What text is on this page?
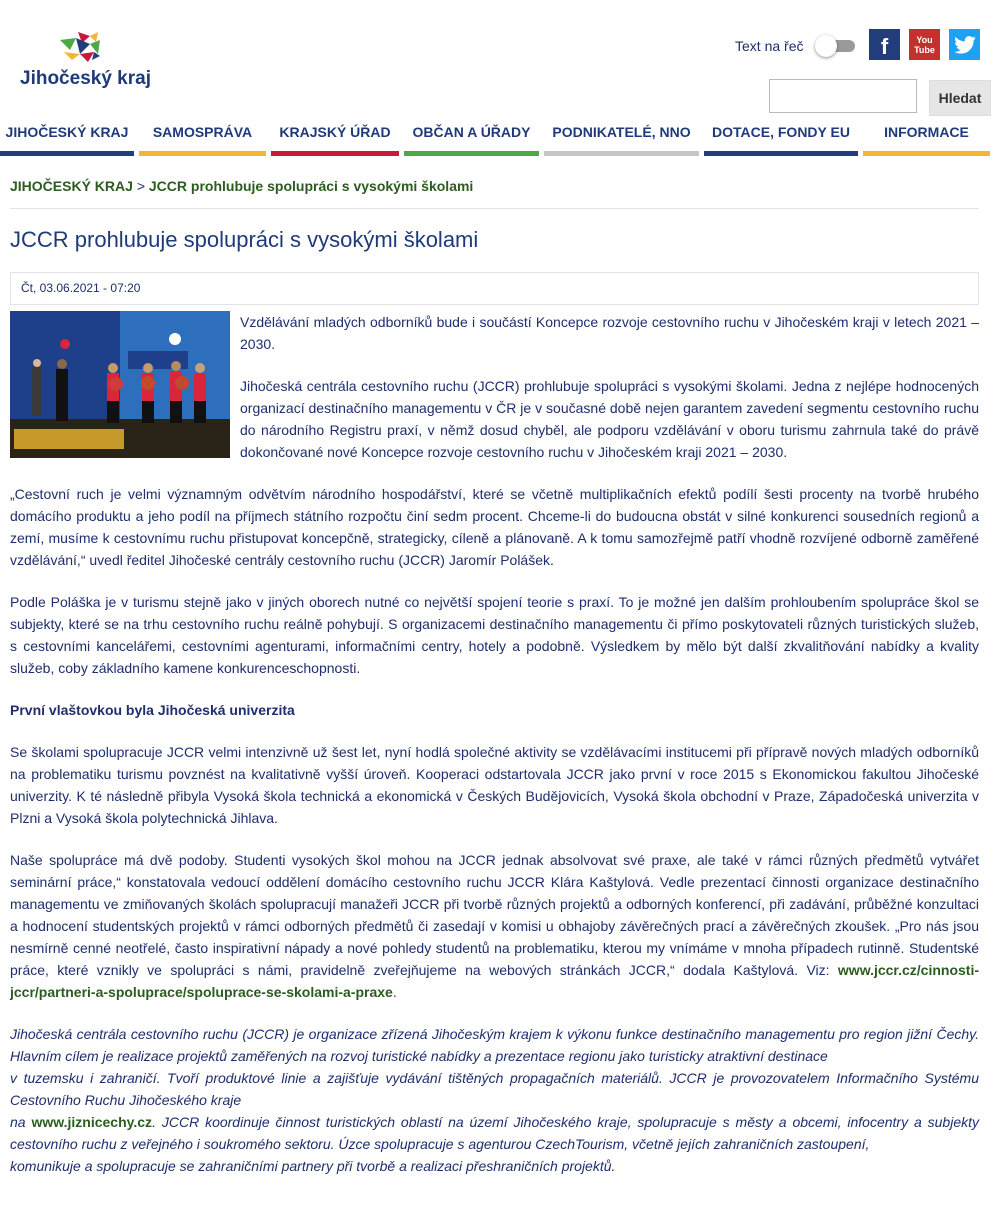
Jihočeský kraj
Text na řeč	f	You
Tube
Hledat
JIHOČESKÝ KRAJ	SAMOSPRÁVA	KRAJSKÝ ÚŘAD	OBČAN A ÚŘADY	PODNIKATELÉ, NNO	DOTACE, FONDY EU	INFORMACE
JIHOČESKÝ KRAJ > JCCR prohlubuje spolupráci s vysokými školami
JCCR prohlubuje spolupráci s vysokými školami
Čt, 03.06.2021 - 07:20

Vzdělávání mladých odborníků bude i součástí Koncepce rozvoje cestovního ruchu v Jihočeském kraji v letech 2021 – 2030.

Jihočeská centrála cestovního ruchu (JCCR) prohlubuje spolupráci s vysokými školami. Jedna z nejlépe hodnocených organizací destinačního managementu v ČR je v současné době nejen garantem zavedení segmentu cestovního ruchu do národního Registru praxí, v němž dosud chyběl, ale podporu vzdělávání v oboru turismu zahrnula také do právě dokončované nové Koncepce rozvoje cestovního ruchu v Jihočeském kraji 2021 – 2030.

„Cestovní ruch je velmi významným odvětvím národního hospodářství, které se včetně multiplikačních efektů podílí šesti procenty na tvorbě hrubého domácího produktu a jeho podíl na příjmech státního rozpočtu činí sedm procent. Chceme-li do budoucna obstát v silné konkurenci sousedních regionů a zemí, musíme k cestovnímu ruchu přistupovat koncepčně, strategicky, cíleně a plánovaně. A k tomu samozřejmě patří vhodně rozvíjené odborně zaměřené vzdělávání,“ uvedl ředitel Jihočeské centrály cestovního ruchu (JCCR) Jaromír Polášek.

Podle Poláška je v turismu stejně jako v jiných oborech nutné co největší spojení teorie s praxí. To je možné jen dalším prohloubením spolupráce škol se subjekty, které se na trhu cestovního ruchu reálně pohybují. S organizacemi destinačního managementu či přímo poskytovateli různých turistických služeb, s cestovními kancelářemi, cestovními agenturami, informačními centry, hotely a podobně. Výsledkem by mělo být další zkvalitňování nabídky a kvality služeb, coby základního kamene konkurenceschopnosti.

První vlaštovkou byla Jihočeská univerzita

Se školami spolupracuje JCCR velmi intenzivně už šest let, nyní hodlá společné aktivity se vzdělávacími institucemi při přípravě nových mladých odborníků na problematiku turismu povznést na kvalitativně vyšší úroveň. Kooperaci odstartovala JCCR jako první v roce 2015 s Ekonomickou fakultou Jihočeské univerzity. K té následně přibyla Vysoká škola technická a ekonomická v Českých Budějovicích, Vysoká škola obchodní v Praze, Západočeská univerzita v Plzni a Vysoká škola polytechnická Jihlava.

Naše spolupráce má dvě podoby. Studenti vysokých škol mohou na JCCR jednak absolvovat své praxe, ale také v rámci různých předmětů vytvářet seminární práce,“ konstatovala vedoucí oddělení domácího cestovního ruchu JCCR Klára Kaštylová. Vedle prezentací činnosti organizace destinačního managementu ve zmiňovaných školách spolupracují manažeři JCCR při tvorbě různých projektů a odborných konferencí, při zadávání, průběžné konzultaci a hodnocení studentských projektů v rámci odborných předmětů či zasedají v komisi u obhajoby závěrečných prací a závěrečných zkoušek. „Pro nás jsou nesmírně cenné neotřelé, často inspirativní nápady a nové pohledy studentů na problematiku, kterou my vnímáme v mnoha případech rutinně. Studentské práce, které vznikly ve spolupráci s námi, pravidelně zveřejňujeme na webových stránkách JCCR,“ dodala Kaštylová. Viz: www.jccr.cz/cinnosti-jccr/partneri-a-spoluprace/spoluprace-se-skolami-a-praxe.

Jihočeská centrála cestovního ruchu (JCCR) je organizace zřízená Jihočeským krajem k výkonu funkce destinačního managementu pro region jižní Čechy. Hlavním cílem je realizace projektů zaměřených na rozvoj turistické nabídky a prezentace regionu jako turisticky atraktivní destinace
v tuzemsku i zahraničí. Tvoří produktové linie a zajišťuje vydávání tištěných propagačních materiálů. JCCR je provozovatelem Informačního Systému Cestovního Ruchu Jihočeského kraje
na www.jiznicechy.cz. JCCR koordinuje činnost turistických oblastí na území Jihočeského kraje, spolupracuje s městy a obcemi, infocentry a subjekty cestovního ruchu z veřejného i soukromého sektoru. Úzce spolupracuje s agenturou CzechTourism, včetně jejích zahraničních zastoupení,
komunikuje a spolupracuje se zahraničními partnery při tvorbě a realizaci přeshraničních projektů.
